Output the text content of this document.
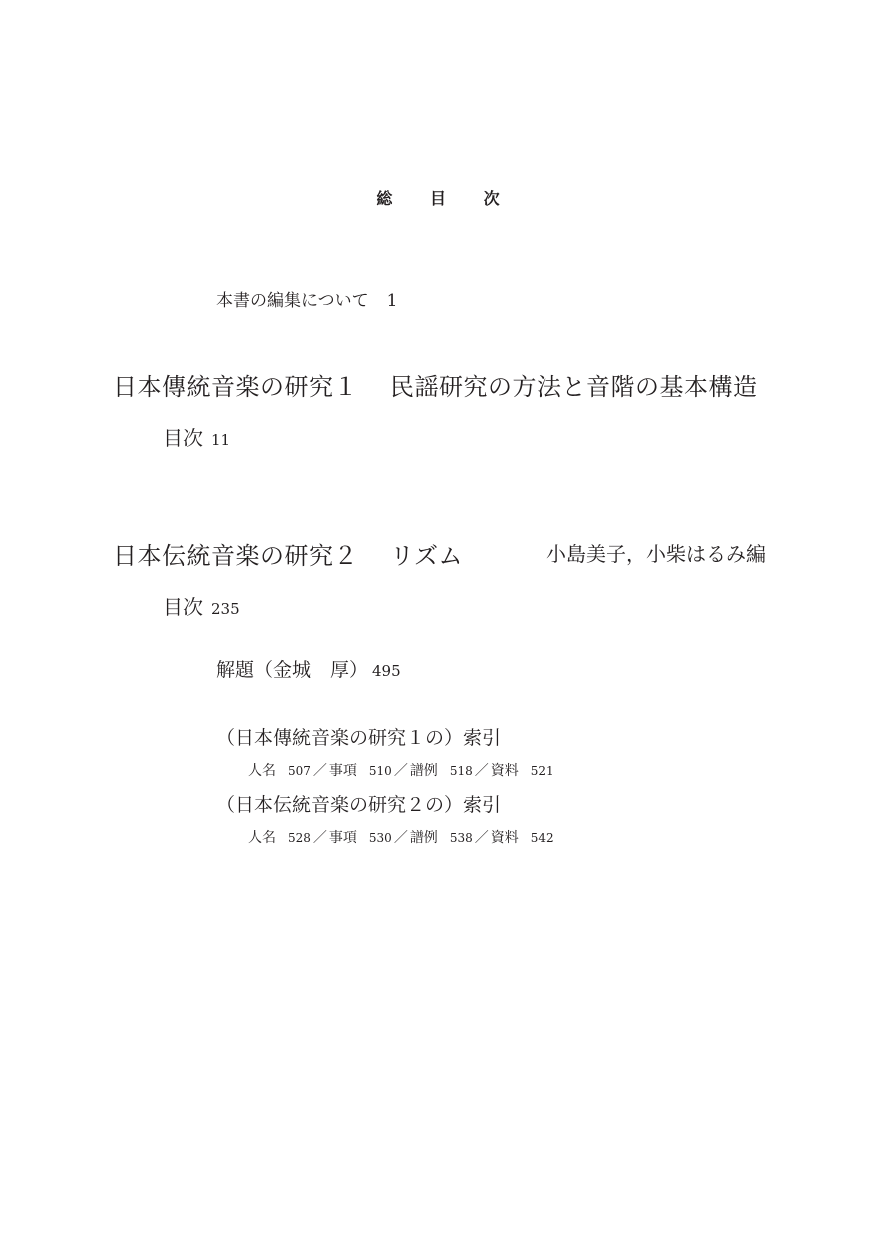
総 目 次
本書の編集について 1
日本傳統音楽の研究１ 民謡研究の方法と音階の基本構造
目次 11
日本伝統音楽の研究２ リズム	小島美子，小柴はるみ編
目次 235
解題（金城　厚） 495
（日本傳統音楽の研究１の）索引
人名 507 ／ 事項 510 ／ 譜例 518 ／ 資料 521
（日本伝統音楽の研究２の）索引
人名 528 ／ 事項 530 ／ 譜例 538 ／ 資料 542
